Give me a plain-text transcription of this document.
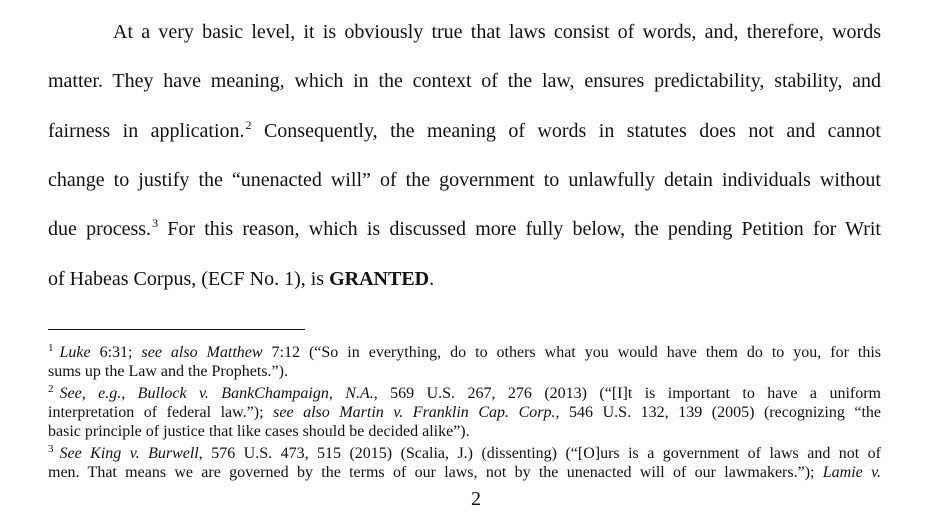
At a very basic level, it is obviously true that laws consist of words, and, therefore, words
matter. They have meaning, which in the context of the law, ensures predictability, stability, and
fairness in application.$^2$ Consequently, the meaning of words in statutes does not and cannot
change to justify the “unenacted will” of the government to unlawfully detain individuals without
due process.$^3$ For this reason, which is discussed more fully below, the pending Petition for Writ
of Habeas Corpus, (ECF No. 1), is GRANTED.
$^1$ Luke 6:31; see also Matthew 7:12 (“So in everything, do to others what you would have them do to you, for this
sums up the Law and the Prophets.”).
$^2$ See, e.g., Bullock v. BankChampaign, N.A., 569 U.S. 267, 276 (2013) (“[I]t is important to have a uniform
interpretation of federal law.”); see also Martin v. Franklin Cap. Corp., 546 U.S. 132, 139 (2005) (recognizing “the
basic principle of justice that like cases should be decided alike”).
$^3$ See King v. Burwell, 576 U.S. 473, 515 (2015) (Scalia, J.) (dissenting) (“[O]urs is a government of laws and not of
men. That means we are governed by the terms of our laws, not by the unenacted will of our lawmakers.”); Lamie v.
2
